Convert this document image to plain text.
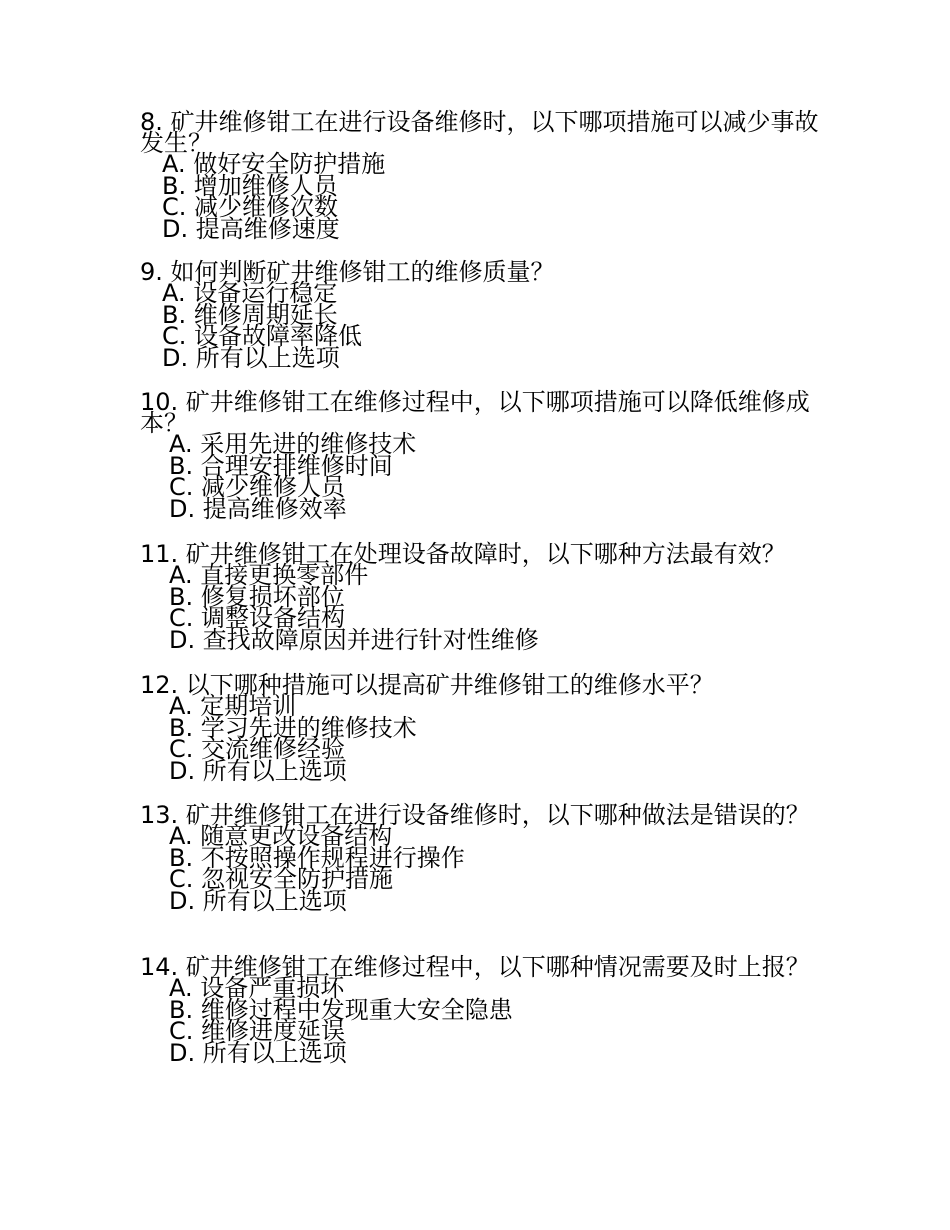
8. 矿井维修钳工在进行设备维修时，以下哪项措施可以减少事故发生？
A. 做好安全防护措施
B. 增加维修人员
C. 减少维修次数
D. 提高维修速度
9. 如何判断矿井维修钳工的维修质量？
A. 设备运行稳定
B. 维修周期延长
C. 设备故障率降低
D. 所有以上选项
10. 矿井维修钳工在维修过程中，以下哪项措施可以降低维修成本？
A. 采用先进的维修技术
B. 合理安排维修时间
C. 减少维修人员
D. 提高维修效率
11. 矿井维修钳工在处理设备故障时，以下哪种方法最有效？
A. 直接更换零部件
B. 修复损坏部位
C. 调整设备结构
D. 查找故障原因并进行针对性维修
12. 以下哪种措施可以提高矿井维修钳工的维修水平？
A. 定期培训
B. 学习先进的维修技术
C. 交流维修经验
D. 所有以上选项
13. 矿井维修钳工在进行设备维修时，以下哪种做法是错误的？
A. 随意更改设备结构
B. 不按照操作规程进行操作
C. 忽视安全防护措施
D. 所有以上选项
14. 矿井维修钳工在维修过程中，以下哪种情况需要及时上报？
A. 设备严重损坏
B. 维修过程中发现重大安全隐患
C. 维修进度延误
D. 所有以上选项
